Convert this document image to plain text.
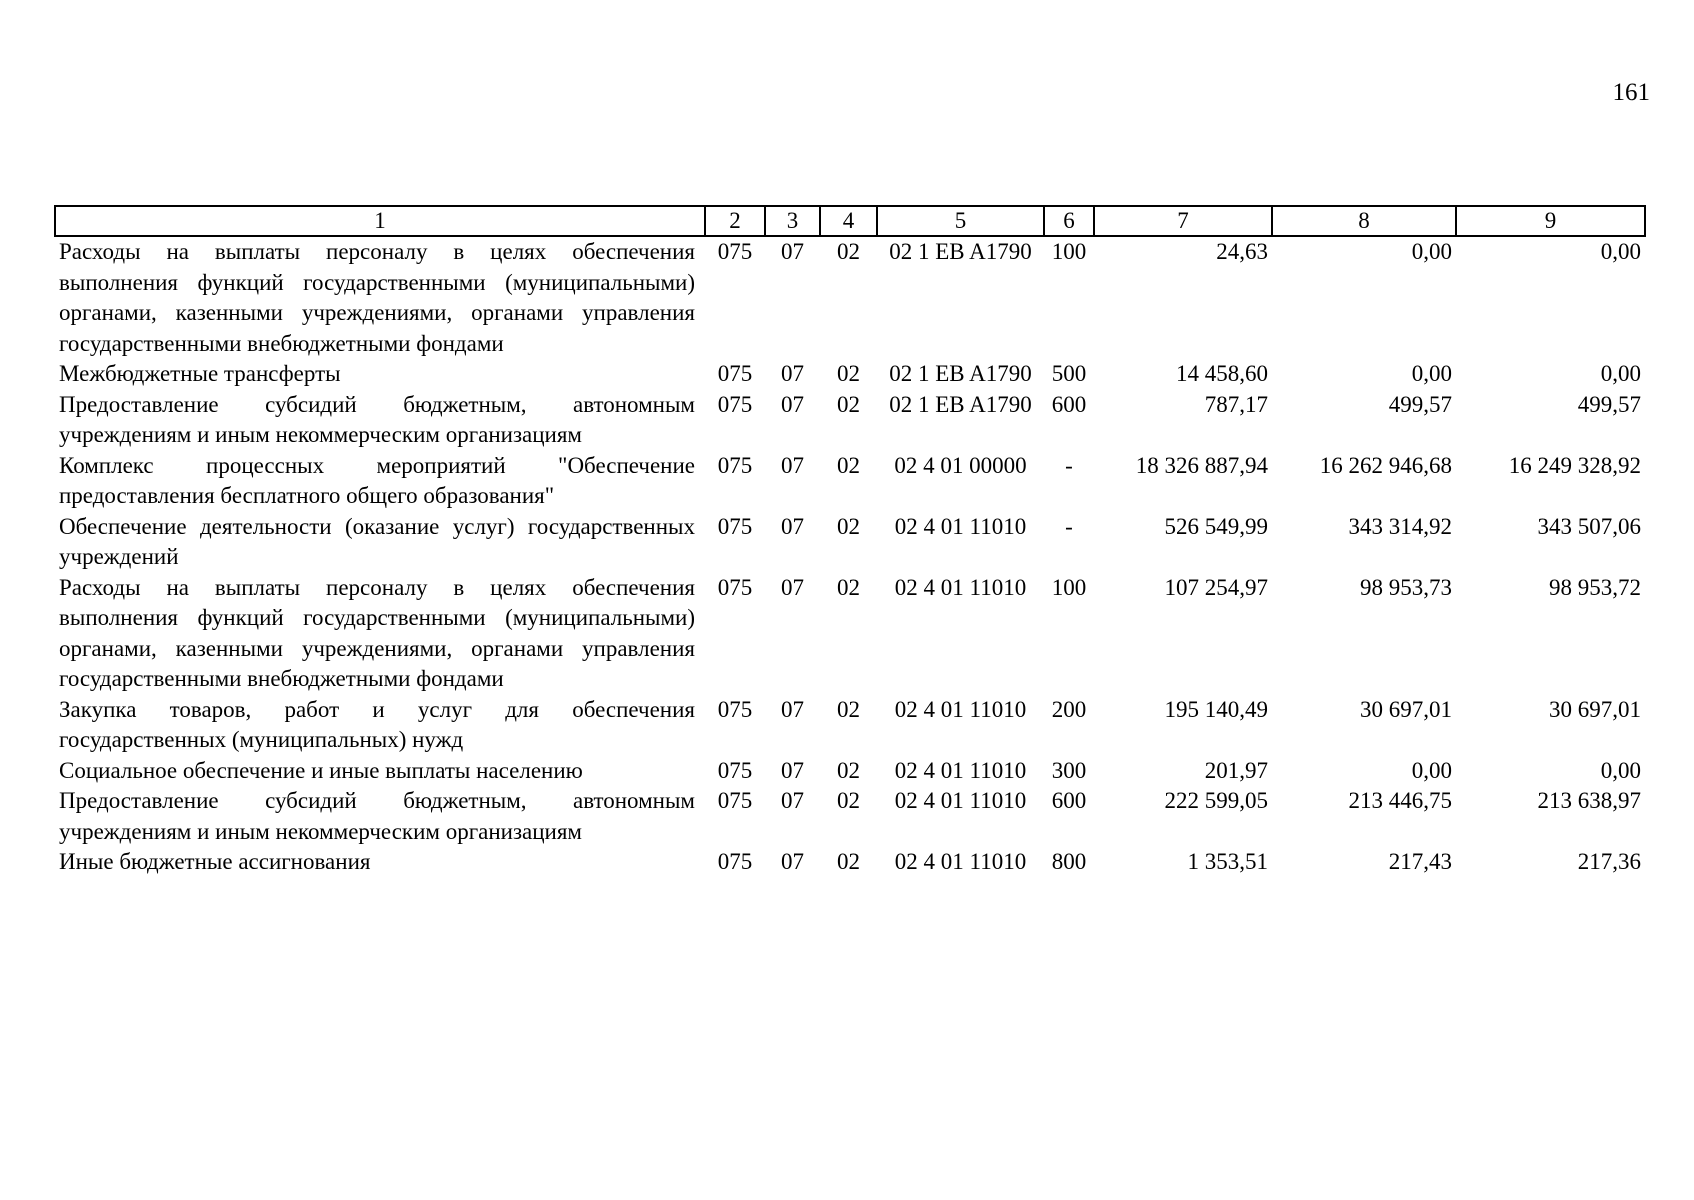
161
1	2	3	4	5	6	7	8	9
Расходы на выплаты персоналу в целях обеспечения выполнения функций государственными (муниципальными) органами, казенными учреждениями, органами управления государственными внебюджетными фондами	075	07	02	02 1 EB A1790	100	24,63	0,00	0,00
Межбюджетные трансферты	075	07	02	02 1 EB A1790	500	14 458,60	0,00	0,00
Предоставление субсидий бюджетным, автономным учреждениям и иным некоммерческим организациям	075	07	02	02 1 EB A1790	600	787,17	499,57	499,57
Комплекс процессных мероприятий "Обеспечение предоставления бесплатного общего образования"	075	07	02	02 4 01 00000	-	18 326 887,94	16 262 946,68	16 249 328,92
Обеспечение деятельности (оказание услуг) государственных учреждений	075	07	02	02 4 01 11010	-	526 549,99	343 314,92	343 507,06
Расходы на выплаты персоналу в целях обеспечения выполнения функций государственными (муниципальными) органами, казенными учреждениями, органами управления государственными внебюджетными фондами	075	07	02	02 4 01 11010	100	107 254,97	98 953,73	98 953,72
Закупка товаров, работ и услуг для обеспечения государственных (муниципальных) нужд	075	07	02	02 4 01 11010	200	195 140,49	30 697,01	30 697,01
Социальное обеспечение и иные выплаты населению	075	07	02	02 4 01 11010	300	201,97	0,00	0,00
Предоставление субсидий бюджетным, автономным учреждениям и иным некоммерческим организациям	075	07	02	02 4 01 11010	600	222 599,05	213 446,75	213 638,97
Иные бюджетные ассигнования	075	07	02	02 4 01 11010	800	1 353,51	217,43	217,36
